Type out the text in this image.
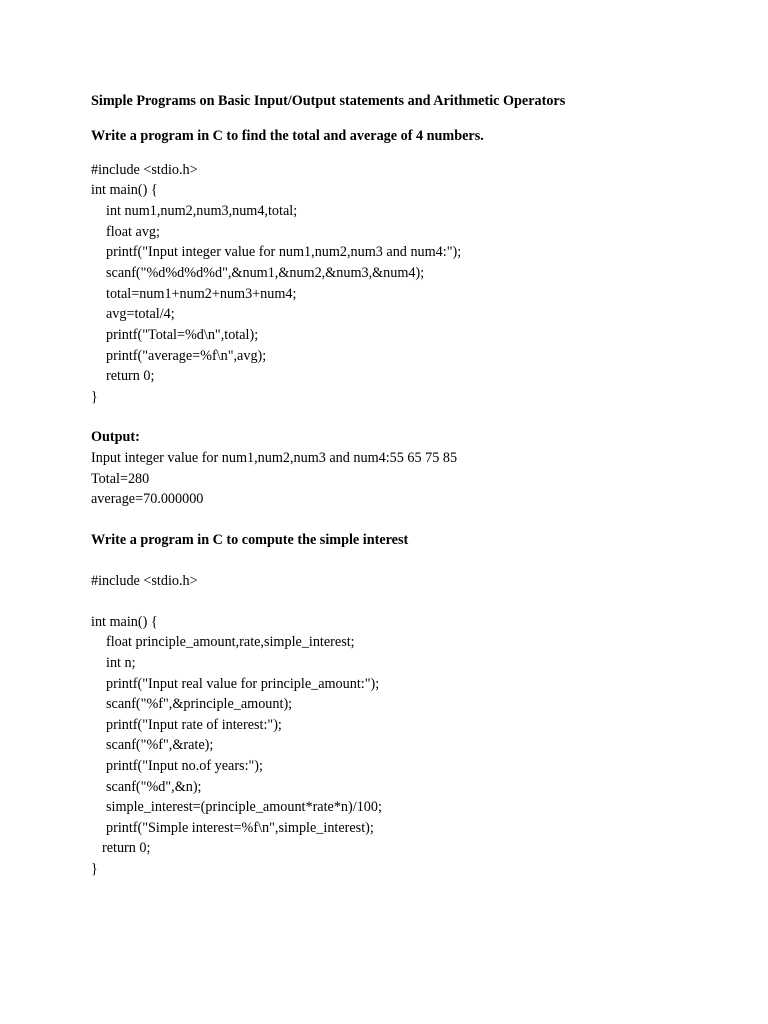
Simple Programs on Basic Input/Output statements and Arithmetic Operators

Write a program in C to find the total and average of 4 numbers.

#include <stdio.h>

int main() {

int num1,num2,num3,num4,total;

float avg;

printf("Input integer value for num1,num2,num3 and num4:");

scanf("%d%d%d%d",&num1,&num2,&num3,&num4);

total=num1+num2+num3+num4;

avg=total/4;

printf("Total=%d\n",total);

printf("average=%f\n",avg);

return 0;

}

Output:

Input integer value for num1,num2,num3 and num4:55 65 75 85

Total=280

average=70.000000

Write a program in C to compute the simple interest

#include <stdio.h>

int main() {

float principle_amount,rate,simple_interest;

int n;

printf("Input real value for principle_amount:");

scanf("%f",&principle_amount);

printf("Input rate of interest:");

scanf("%f",&rate);

printf("Input no.of years:");

scanf("%d",&n);

simple_interest=(principle_amount*rate*n)/100;

printf("Simple interest=%f\n",simple_interest);

return 0;

}
